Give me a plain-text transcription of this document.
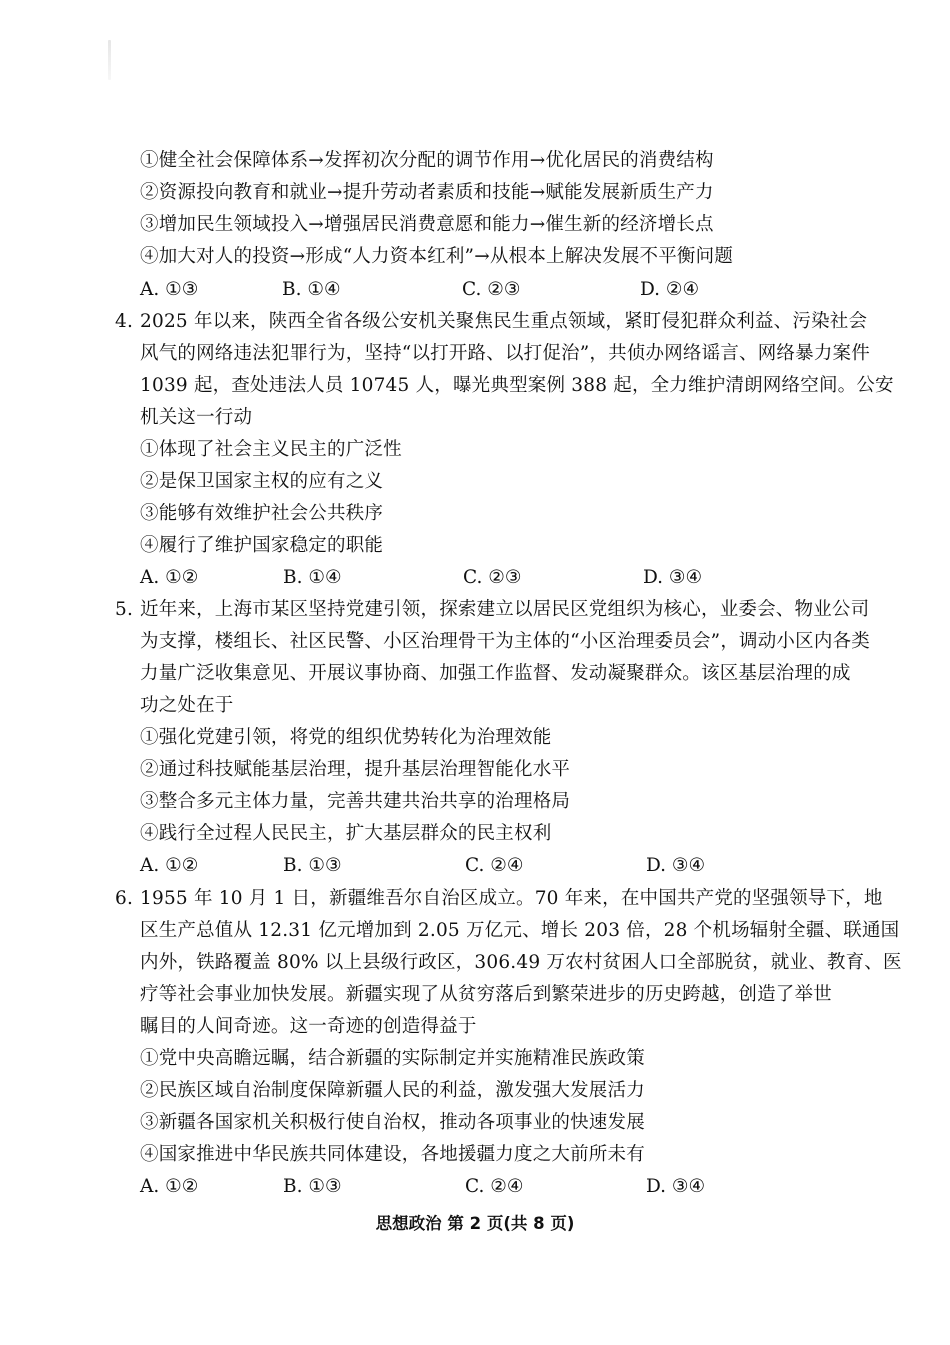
①健全社会保障体系→发挥初次分配的调节作用→优化居民的消费结构
②资源投向教育和就业→提升劳动者素质和技能→赋能发展新质生产力
③增加民生领域投入→增强居民消费意愿和能力→催生新的经济增长点
④加大对人的投资→形成“人力资本红利”→从根本上解决发展不平衡问题
A. ①③	B. ①④	C. ②③	D. ②④
4. 2025 年以来，陕西全省各级公安机关聚焦民生重点领域，紧盯侵犯群众利益、污染社会
风气的网络违法犯罪行为，坚持“以打开路、以打促治”，共侦办网络谣言、网络暴力案件
1039 起，查处违法人员 10745 人，曝光典型案例 388 起，全力维护清朗网络空间。公安
机关这一行动
①体现了社会主义民主的广泛性
②是保卫国家主权的应有之义
③能够有效维护社会公共秩序
④履行了维护国家稳定的职能
A. ①②	B. ①④	C. ②③	D. ③④
5. 近年来，上海市某区坚持党建引领，探索建立以居民区党组织为核心，业委会、物业公司
为支撑，楼组长、社区民警、小区治理骨干为主体的“小区治理委员会”，调动小区内各类
力量广泛收集意见、开展议事协商、加强工作监督、发动凝聚群众。该区基层治理的成
功之处在于
①强化党建引领，将党的组织优势转化为治理效能
②通过科技赋能基层治理，提升基层治理智能化水平
③整合多元主体力量，完善共建共治共享的治理格局
④践行全过程人民民主，扩大基层群众的民主权利
A. ①②	B. ①③	C. ②④	D. ③④
6. 1955 年 10 月 1 日，新疆维吾尔自治区成立。70 年来，在中国共产党的坚强领导下，地
区生产总值从 12.31 亿元增加到 2.05 万亿元、增长 203 倍，28 个机场辐射全疆、联通国
内外，铁路覆盖 80% 以上县级行政区，306.49 万农村贫困人口全部脱贫，就业、教育、医
疗等社会事业加快发展。新疆实现了从贫穷落后到繁荣进步的历史跨越，创造了举世
瞩目的人间奇迹。这一奇迹的创造得益于
①党中央高瞻远瞩，结合新疆的实际制定并实施精准民族政策
②民族区域自治制度保障新疆人民的利益，激发强大发展活力
③新疆各国家机关积极行使自治权，推动各项事业的快速发展
④国家推进中华民族共同体建设，各地援疆力度之大前所未有
A. ①②	B. ①③	C. ②④	D. ③④
思想政治 第 2 页(共 8 页)
